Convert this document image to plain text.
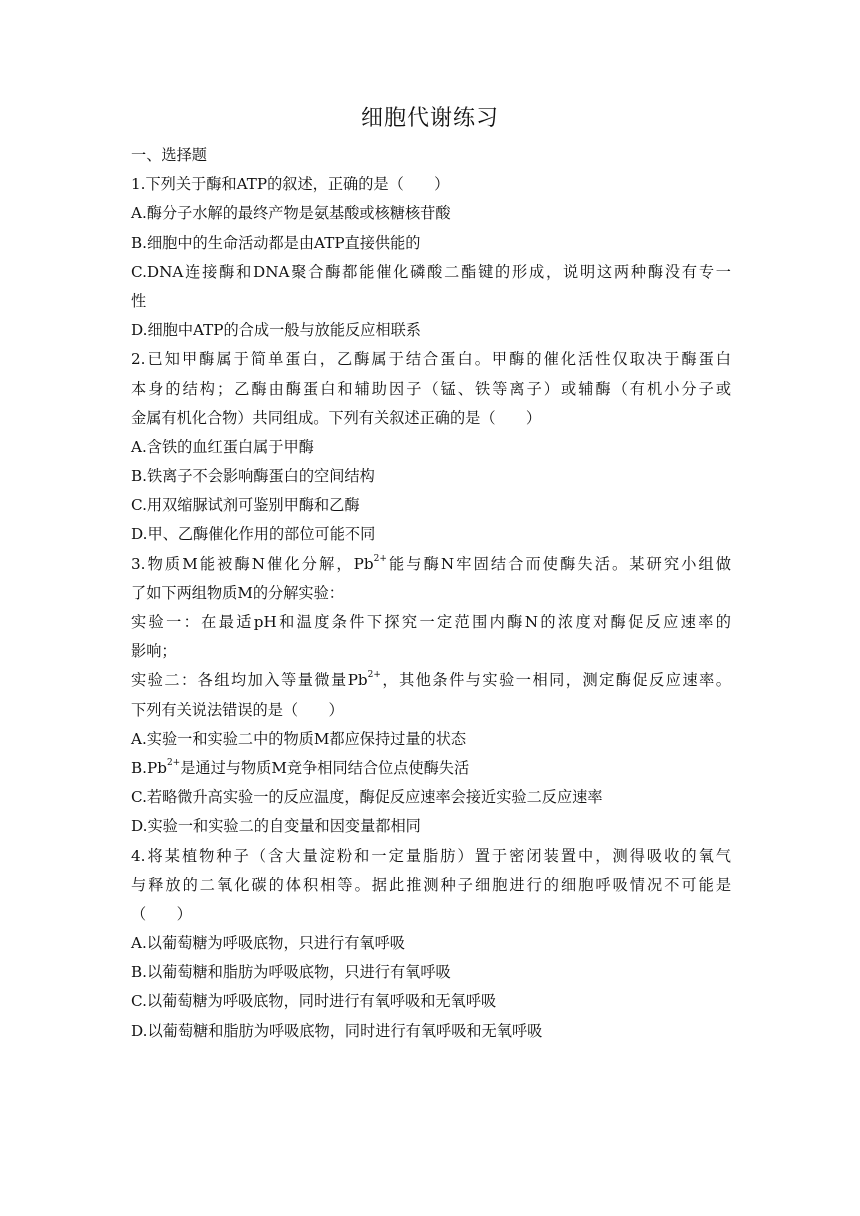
细胞代谢练习
一、选择题
1.下列关于酶和ATP的叙述，正确的是（　　）
A.酶分子水解的最终产物是氨基酸或核糖核苷酸
B.细胞中的生命活动都是由ATP直接供能的
C.DNA连接酶和DNA聚合酶都能催化磷酸二酯键的形成，说明这两种酶没有专一
性
D.细胞中ATP的合成一般与放能反应相联系
2.已知甲酶属于简单蛋白，乙酶属于结合蛋白。甲酶的催化活性仅取决于酶蛋白
本身的结构；乙酶由酶蛋白和辅助因子（锰、铁等离子）或辅酶（有机小分子或
金属有机化合物）共同组成。下列有关叙述正确的是（　　）
A.含铁的血红蛋白属于甲酶
B.铁离子不会影响酶蛋白的空间结构
C.用双缩脲试剂可鉴别甲酶和乙酶
D.甲、乙酶催化作用的部位可能不同
3.物质M能被酶N催化分解，$Pb^{2+}$能与酶N牢固结合而使酶失活。某研究小组做
了如下两组物质M的分解实验：
实验一：在最适pH和温度条件下探究一定范围内酶N的浓度对酶促反应速率的
影响；
实验二：各组均加入等量微量$Pb^{2+}$，其他条件与实验一相同，测定酶促反应速率。
下列有关说法错误的是（　　）
A.实验一和实验二中的物质M都应保持过量的状态
$B.Pb^{2+}$是通过与物质M竞争相同结合位点使酶失活
C.若略微升高实验一的反应温度，酶促反应速率会接近实验二反应速率
D.实验一和实验二的自变量和因变量都相同
4.将某植物种子（含大量淀粉和一定量脂肪）置于密闭装置中，测得吸收的氧气
与释放的二氧化碳的体积相等。据此推测种子细胞进行的细胞呼吸情况不可能是
（　　）
A.以葡萄糖为呼吸底物，只进行有氧呼吸
B.以葡萄糖和脂肪为呼吸底物，只进行有氧呼吸
C.以葡萄糖为呼吸底物，同时进行有氧呼吸和无氧呼吸
D.以葡萄糖和脂肪为呼吸底物，同时进行有氧呼吸和无氧呼吸
